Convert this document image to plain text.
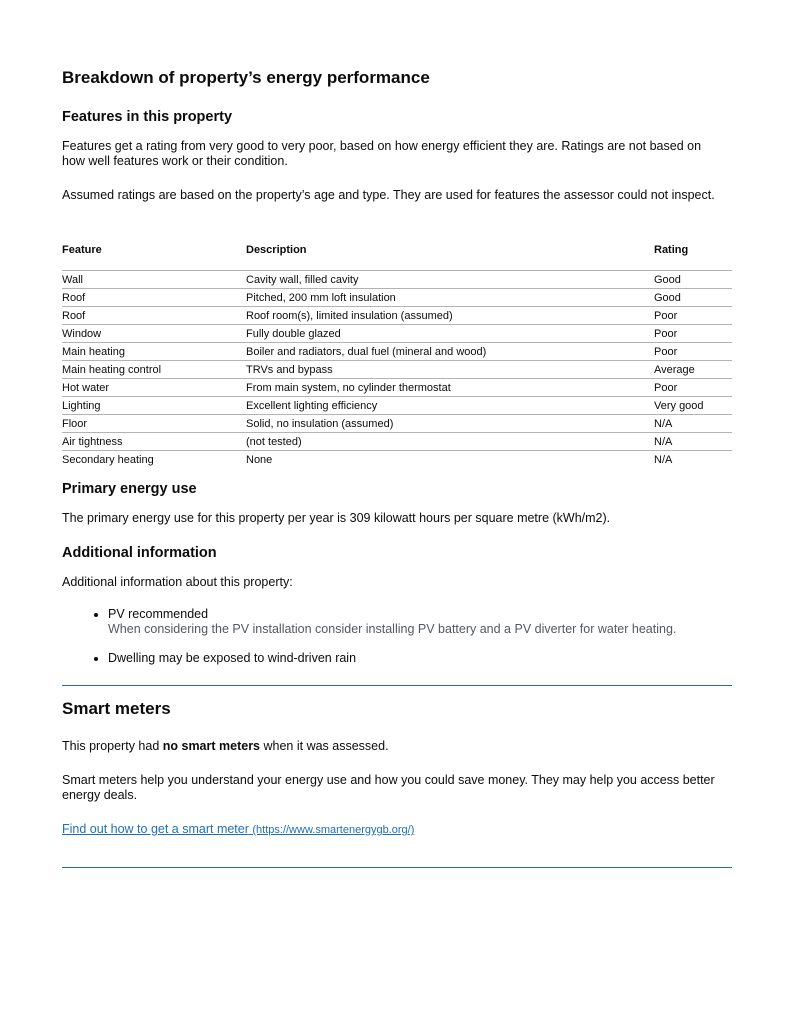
Breakdown of property’s energy performance
Features in this property

Features get a rating from very good to very poor, based on how energy efficient they are. Ratings are not based on how well features work or their condition.

Assumed ratings are based on the property’s age and type. They are used for features the assessor could not inspect.

Feature	Description	Rating
Wall	Cavity wall, filled cavity	Good
Roof	Pitched, 200 mm loft insulation	Good
Roof	Roof room(s), limited insulation (assumed)	Poor
Window	Fully double glazed	Poor
Main heating	Boiler and radiators, dual fuel (mineral and wood)	Poor
Main heating control	TRVs and bypass	Average
Hot water	From main system, no cylinder thermostat	Poor
Lighting	Excellent lighting efficiency	Very good
Floor	Solid, no insulation (assumed)	N/A
Air tightness	(not tested)	N/A
Secondary heating	None	N/A
Primary energy use

The primary energy use for this property per year is 309 kilowatt hours per square metre (kWh/m2).

Additional information

Additional information about this property:

• PV recommended
When considering the PV installation consider installing PV battery and a PV diverter for water heating.
• Dwelling may be exposed to wind-driven rain
Smart meters

This property had no smart meters when it was assessed.

Smart meters help you understand your energy use and how you could save money. They may help you access better energy deals.

Find out how to get a smart meter (https://www.smartenergygb.org/)
